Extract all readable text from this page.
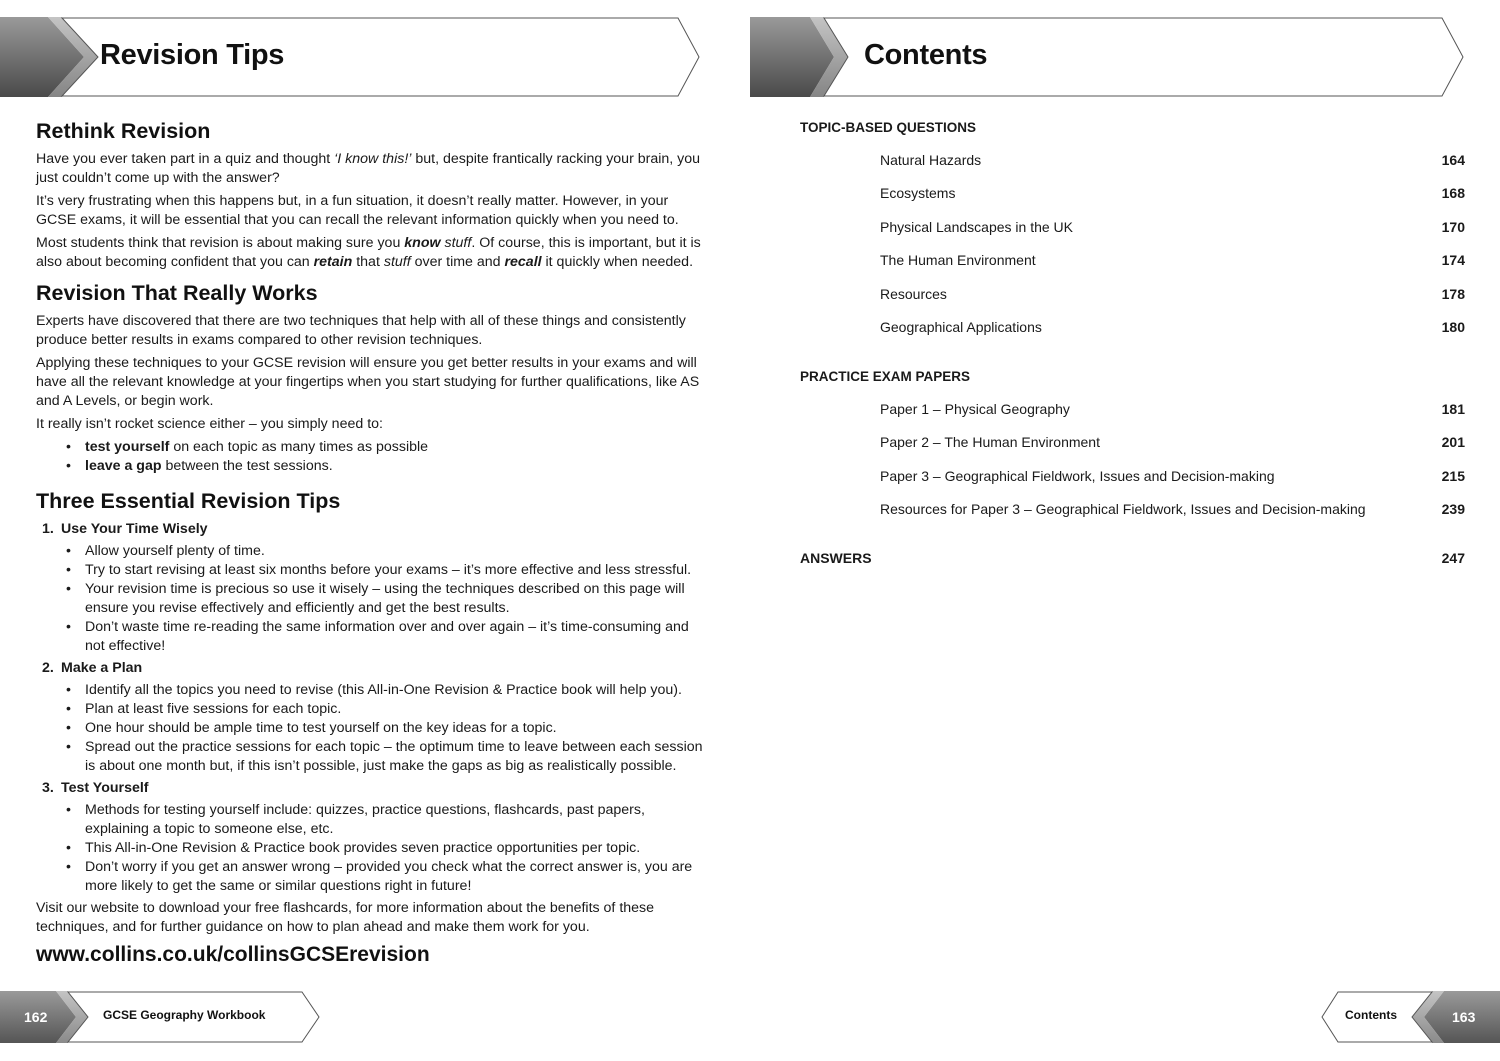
Revision Tips
Rethink Revision

Have you ever taken part in a quiz and thought ‘I know this!’ but, despite frantically racking your brain, you just couldn’t come up with the answer?

It’s very frustrating when this happens but, in a fun situation, it doesn’t really matter. However, in your GCSE exams, it will be essential that you can recall the relevant information quickly when you need to.

Most students think that revision is about making sure you know stuff. Of course, this is important, but it is also about becoming confident that you can retain that stuff over time and recall it quickly when needed.

Revision That Really Works

Experts have discovered that there are two techniques that help with all of these things and consistently produce better results in exams compared to other revision techniques.

Applying these techniques to your GCSE revision will ensure you get better results in your exams and will have all the relevant knowledge at your fingertips when you start studying for further qualifications, like AS and A Levels, or begin work.

It really isn’t rocket science either – you simply need to:

• test yourself on each topic as many times as possible
• leave a gap between the test sessions.
Three Essential Revision Tips
1. Use Your Time Wisely
• Allow yourself plenty of time.
• Try to start revising at least six months before your exams – it’s more effective and less stressful.
• Your revision time is precious so use it wisely – using the techniques described on this page will ensure you revise effectively and efficiently and get the best results.
• Don’t waste time re-reading the same information over and over again – it’s time-consuming and not effective!
2. Make a Plan
• Identify all the topics you need to revise (this All-in-One Revision & Practice book will help you).
• Plan at least five sessions for each topic.
• One hour should be ample time to test yourself on the key ideas for a topic.
• Spread out the practice sessions for each topic – the optimum time to leave between each session is about one month but, if this isn’t possible, just make the gaps as big as realistically possible.
3. Test Yourself
• Methods for testing yourself include: quizzes, practice questions, flashcards, past papers, explaining a topic to someone else, etc.
• This All-in-One Revision & Practice book provides seven practice opportunities per topic.
• Don’t worry if you get an answer wrong – provided you check what the correct answer is, you are more likely to get the same or similar questions right in future!

Visit our website to download your free flashcards, for more information about the benefits of these techniques, and for further guidance on how to plan ahead and make them work for you.

www.collins.co.uk/collinsGCSErevision
162	GCSE Geography Workbook
Contents
TOPIC-BASED QUESTIONS
Natural Hazards	164
Ecosystems	168
Physical Landscapes in the UK	170
The Human Environment	174
Resources	178
Geographical Applications	180
PRACTICE EXAM PAPERS
Paper 1 – Physical Geography	181
Paper 2 – The Human Environment	201
Paper 3 – Geographical Fieldwork, Issues and Decision-making	215
Resources for Paper 3 – Geographical Fieldwork, Issues and Decision-making	239
ANSWERS	247
Contents	163
